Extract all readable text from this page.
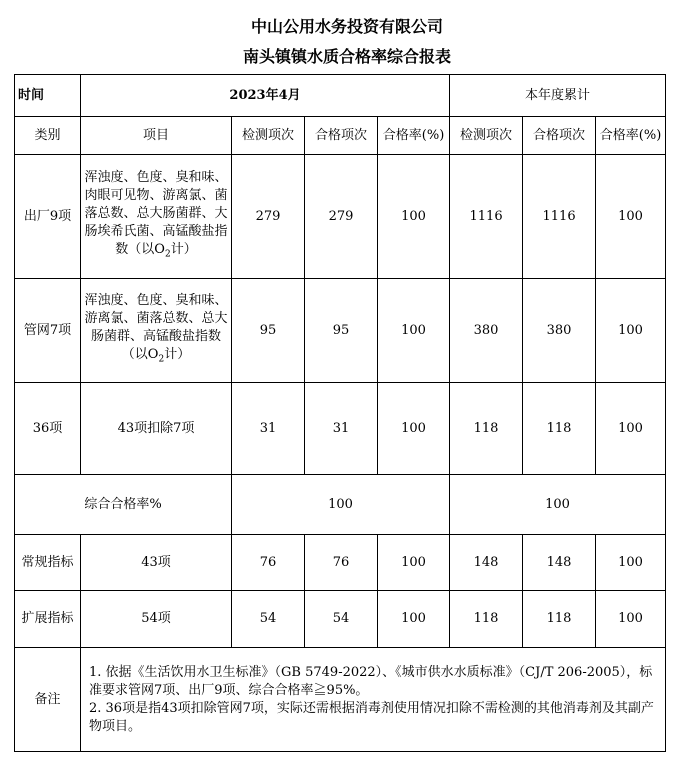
中山公用水务投资有限公司
南头镇镇水质合格率综合报表
时间	2023年4月				本年度累计		
类别	项目	检测项次	合格项次	合格率(%)	检测项次	合格项次	合格率(%)
出厂9项	浑浊度、色度、臭和味、肉眼可见物、游离氯、菌落总数、总大肠菌群、大肠埃希氏菌、高锰酸盐指数（以$O_2$计）	279	279	100	1116	1116	100
管网7项	浑浊度、色度、臭和味、游离氯、菌落总数、总大肠菌群、高锰酸盐指数（以$O_2$计）	95	95	100	380	380	100
36项	43项扣除7项	31	31	100	118	118	100
综合合格率%		100			100		
常规指标	43项	76	76	100	148	148	100
扩展指标	54项	54	54	100	118	118	100
备注	1. 依据《生活饮用水卫生标准》（GB 5749-2022）、《城市供水水质标准》（CJ/T 206-2005），标准要求管网7项、出厂9项、综合合格率≧95%。

2. 36项是指43项扣除管网7项，实际还需根据消毒剂使用情况扣除不需检测的其他消毒剂及其副产物项目。						
